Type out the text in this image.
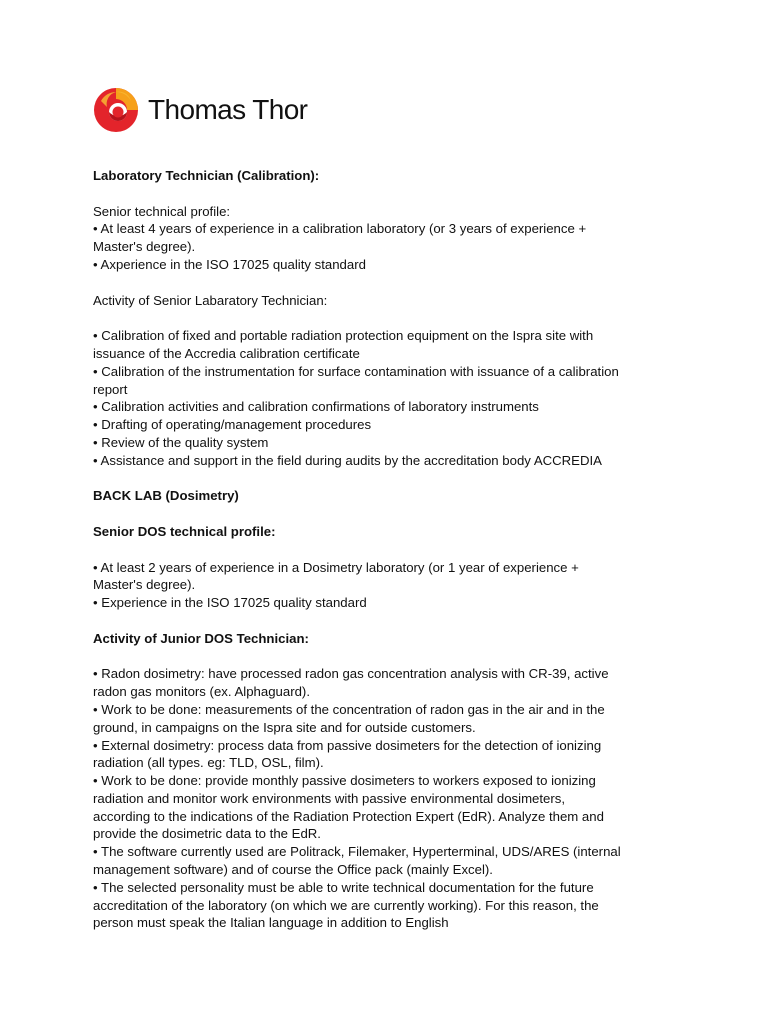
Thomas Thor
Laboratory Technician (Calibration):
Senior technical profile:
• At least 4 years of experience in a calibration laboratory (or 3 years of experience +
Master's degree).
• Axperience in the ISO 17025 quality standard
Activity of Senior Labaratory Technician:
• Calibration of fixed and portable radiation protection equipment on the Ispra site with
issuance of the Accredia calibration certificate
• Calibration of the instrumentation for surface contamination with issuance of a calibration
report
• Calibration activities and calibration confirmations of laboratory instruments
• Drafting of operating/management procedures
• Review of the quality system
• Assistance and support in the field during audits by the accreditation body ACCREDIA
BACK LAB (Dosimetry)
Senior DOS technical profile:
• At least 2 years of experience in a Dosimetry laboratory (or 1 year of experience +
Master's degree).
• Experience in the ISO 17025 quality standard
Activity of Junior DOS Technician:
• Radon dosimetry: have processed radon gas concentration analysis with CR-39, active
radon gas monitors (ex. Alphaguard).
• Work to be done: measurements of the concentration of radon gas in the air and in the
ground, in campaigns on the Ispra site and for outside customers.
• External dosimetry: process data from passive dosimeters for the detection of ionizing
radiation (all types. eg: TLD, OSL, film).
• Work to be done: provide monthly passive dosimeters to workers exposed to ionizing
radiation and monitor work environments with passive environmental dosimeters,
according to the indications of the Radiation Protection Expert (EdR). Analyze them and
provide the dosimetric data to the EdR.
• The software currently used are Politrack, Filemaker, Hyperterminal, UDS/ARES (internal
management software) and of course the Office pack (mainly Excel).
• The selected personality must be able to write technical documentation for the future
accreditation of the laboratory (on which we are currently working). For this reason, the
person must speak the Italian language in addition to English
